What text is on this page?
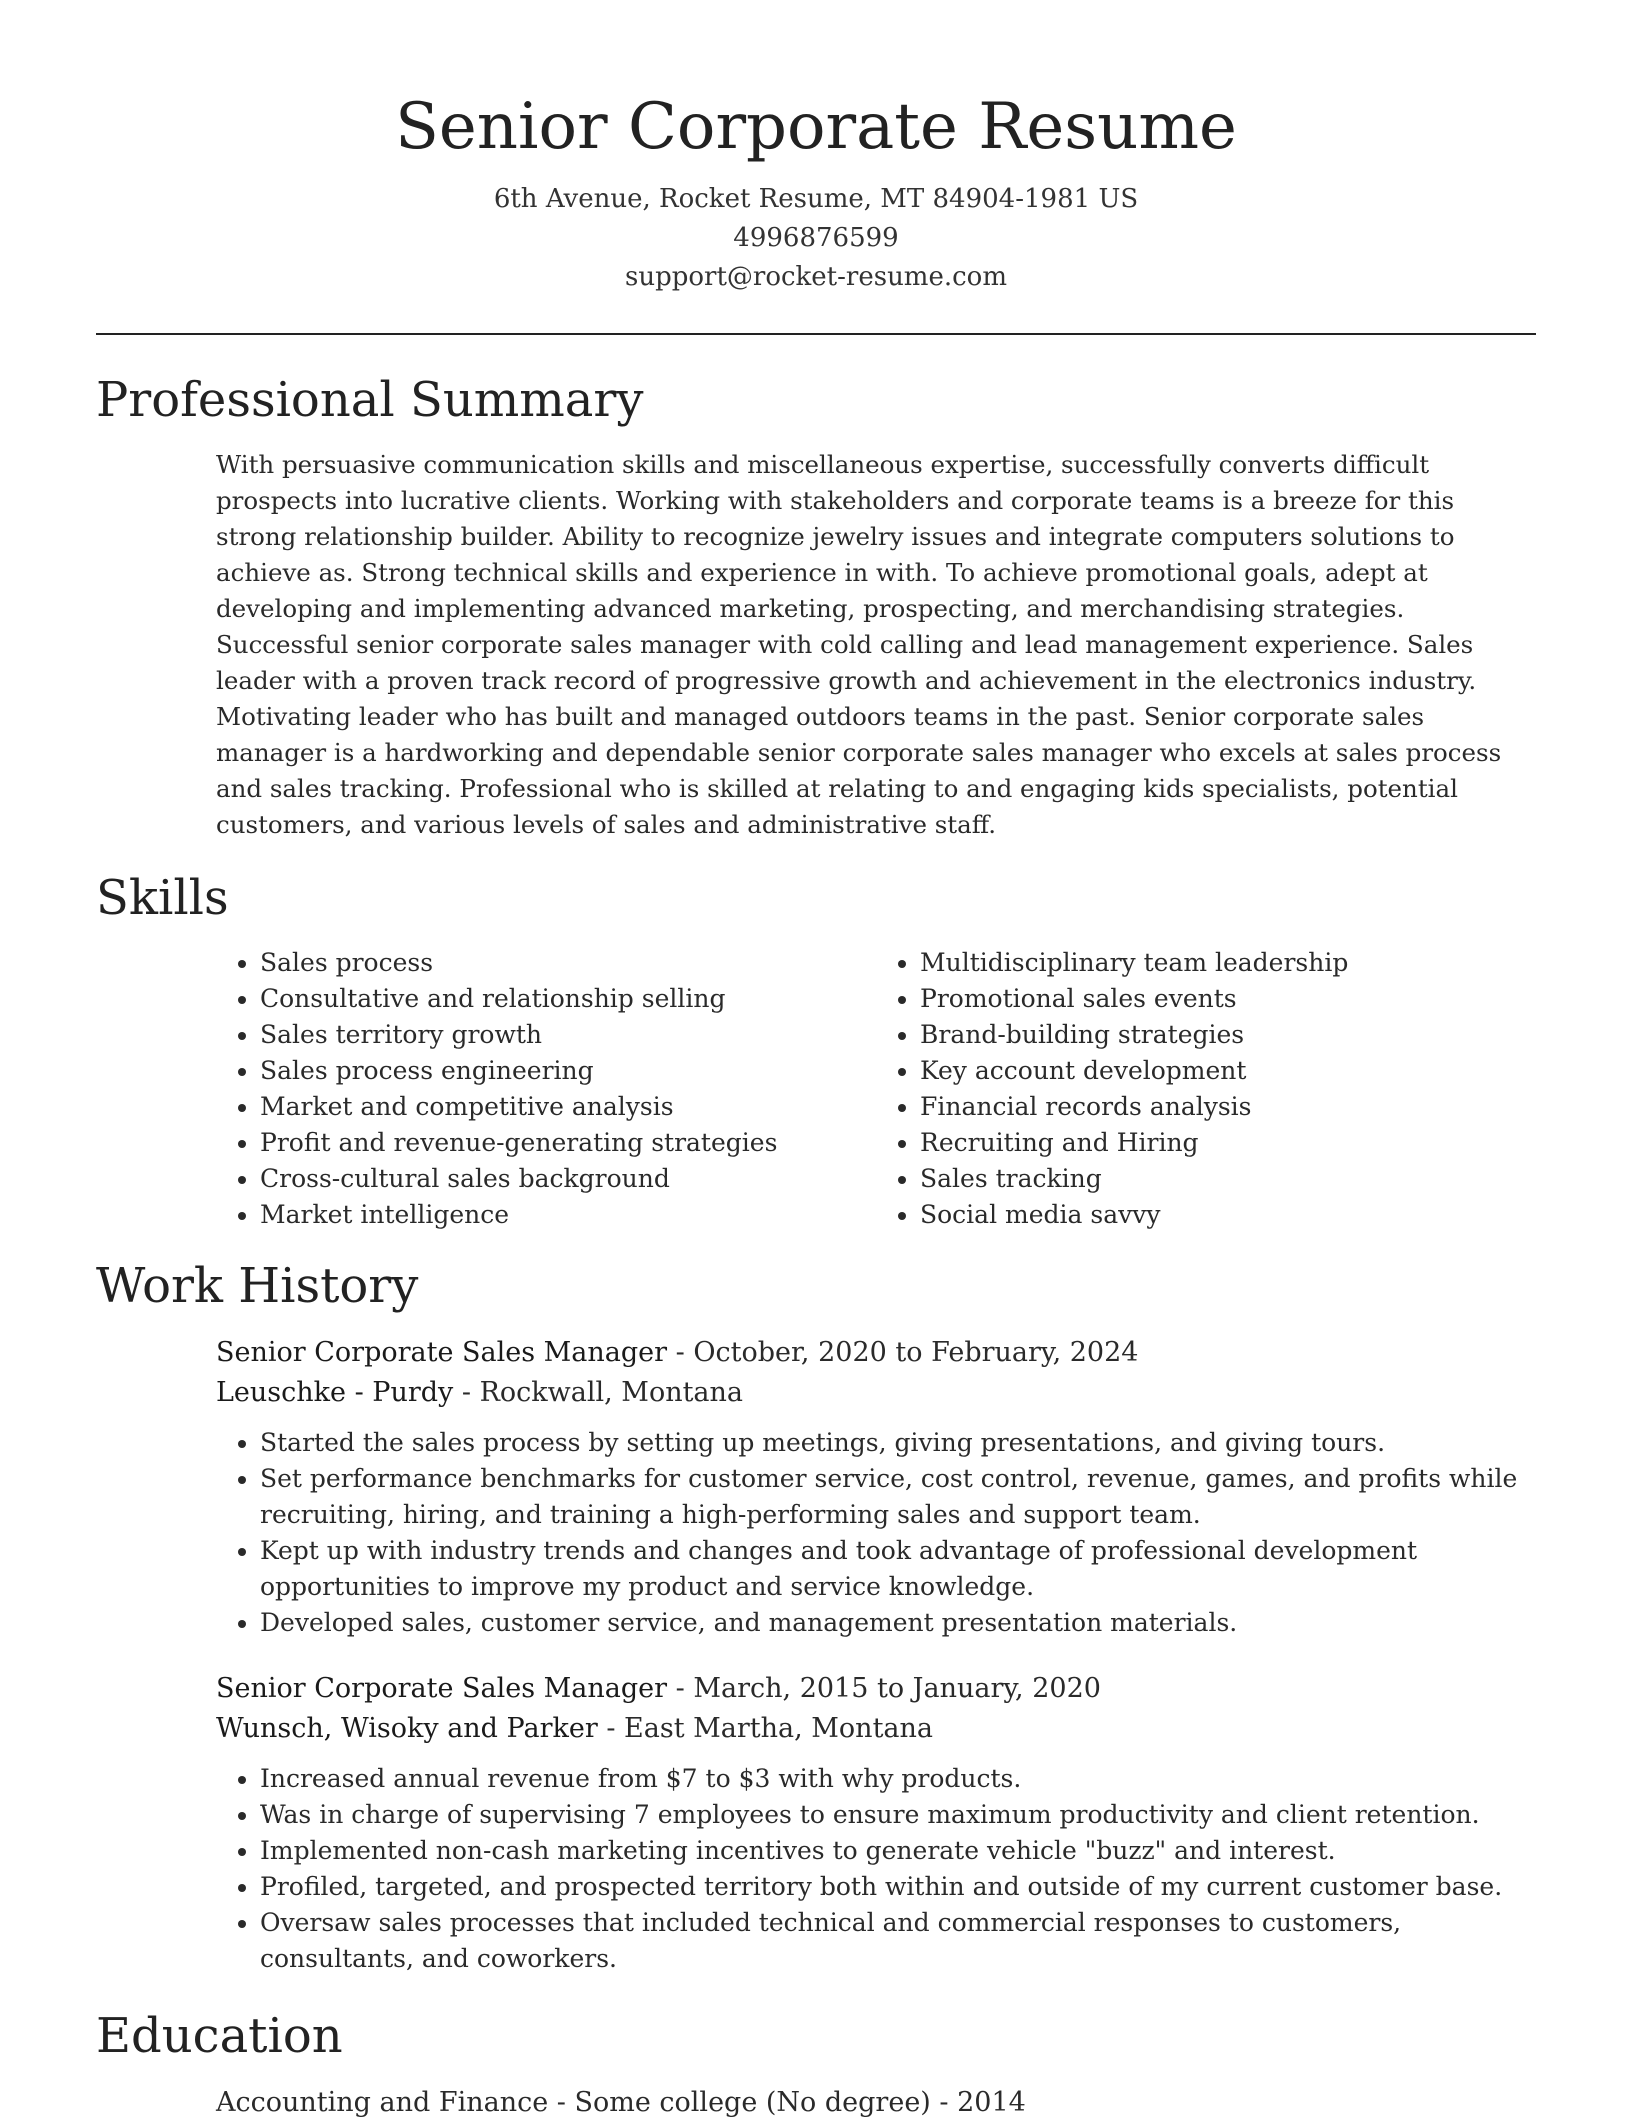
Senior Corporate Resume
6th Avenue, Rocket Resume, MT 84904-1981 US
4996876599
support@rocket-resume.com
Professional Summary

With persuasive communication skills and miscellaneous expertise, successfully converts difficult prospects into lucrative clients. Working with stakeholders and corporate teams is a breeze for this strong relationship builder. Ability to recognize jewelry issues and integrate computers solutions to achieve as. Strong technical skills and experience in with. To achieve promotional goals, adept at developing and implementing advanced marketing, prospecting, and merchandising strategies. Successful senior corporate sales manager with cold calling and lead management experience. Sales leader with a proven track record of progressive growth and achievement in the electronics industry. Motivating leader who has built and managed outdoors teams in the past. Senior corporate sales manager is a hardworking and dependable senior corporate sales manager who excels at sales process and sales tracking. Professional who is skilled at relating to and engaging kids specialists, potential customers, and various levels of sales and administrative staff.

Skills
• Sales process
• Consultative and relationship selling
• Sales territory growth
• Sales process engineering
• Market and competitive analysis
• Profit and revenue-generating strategies
• Cross-cultural sales background
• Market intelligence
• Multidisciplinary team leadership
• Promotional sales events
• Brand-building strategies
• Key account development
• Financial records analysis
• Recruiting and Hiring
• Sales tracking
• Social media savvy
Work History
Senior Corporate Sales Manager - October, 2020 to February, 2024
Leuschke - Purdy - Rockwall, Montana
• Started the sales process by setting up meetings, giving presentations, and giving tours.
• Set performance benchmarks for customer service, cost control, revenue, games, and profits while recruiting, hiring, and training a high-performing sales and support team.
• Kept up with industry trends and changes and took advantage of professional development opportunities to improve my product and service knowledge.
• Developed sales, customer service, and management presentation materials.
Senior Corporate Sales Manager - March, 2015 to January, 2020
Wunsch, Wisoky and Parker - East Martha, Montana
• Increased annual revenue from $7 to $3 with why products.
• Was in charge of supervising 7 employees to ensure maximum productivity and client retention.
• Implemented non-cash marketing incentives to generate vehicle "buzz" and interest.
• Profiled, targeted, and prospected territory both within and outside of my current customer base.
• Oversaw sales processes that included technical and commercial responses to customers, consultants, and coworkers.
Education
Accounting and Finance - Some college (No degree) - 2014
